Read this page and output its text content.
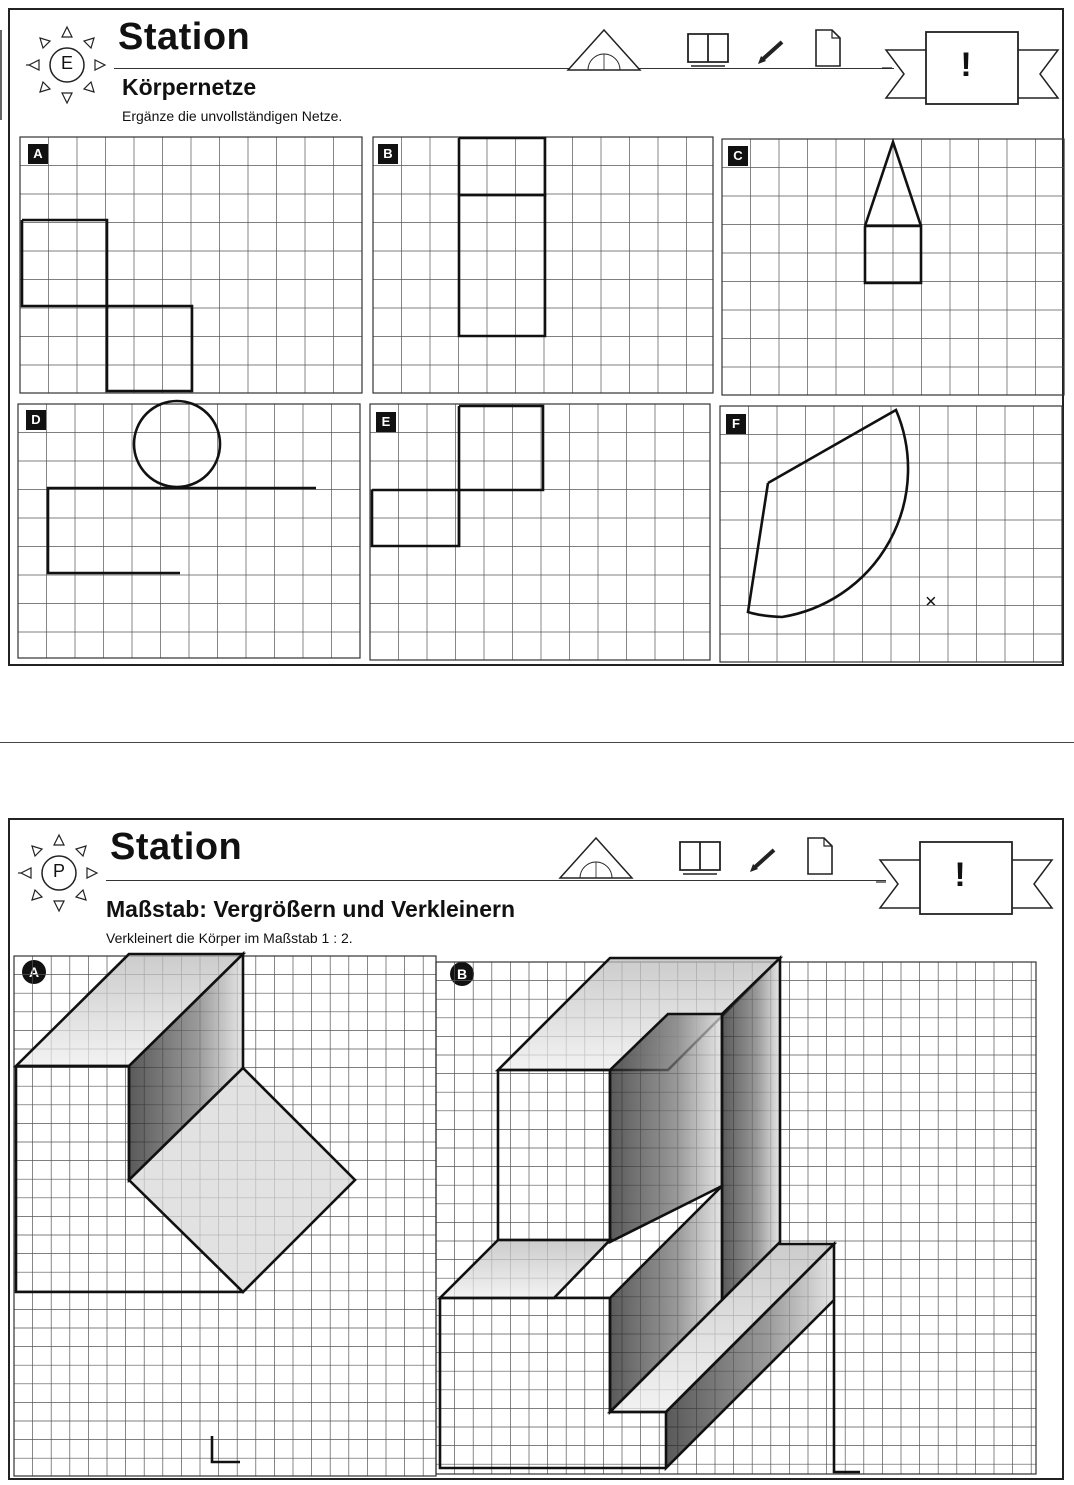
E
Station
Körpernetze
Ergänze die unvollständigen Netze.
!
A	B	C
D	E	F
×
P
Station
Maßstab: Vergrößern und Verkleinern
Verkleinert die Körper im Maßstab 1 : 2.
!
A	B
